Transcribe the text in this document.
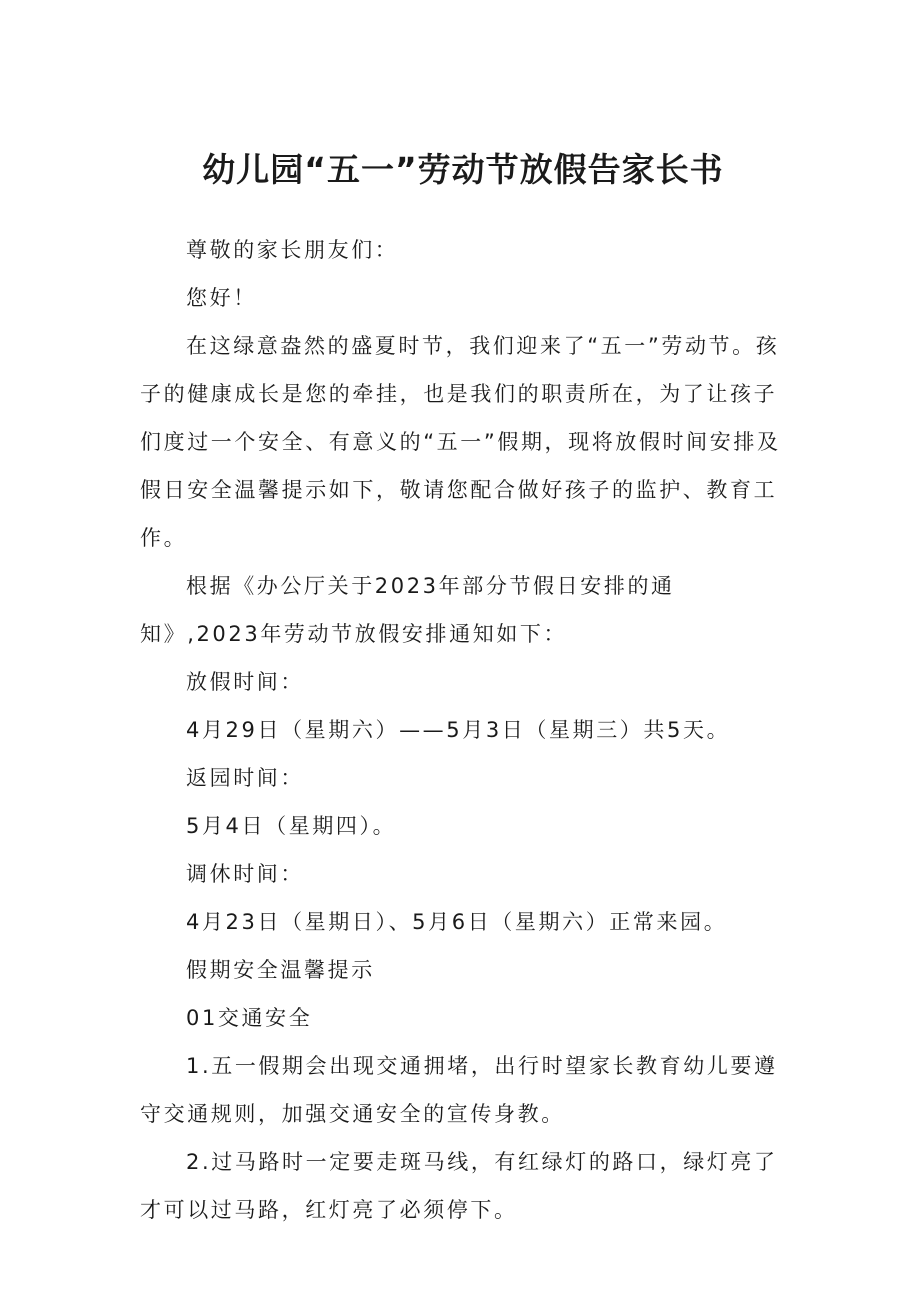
幼儿园“五一”劳动节放假告家长书

尊敬的家长朋友们：

您好！

在这绿意盎然的盛夏时节，我们迎来了“五一”劳动节。孩子的健康成长是您的牵挂，也是我们的职责所在，为了让孩子们度过一个安全、有意义的“五一”假期，现将放假时间安排及假日安全温馨提示如下，敬请您配合做好孩子的监护、教育工作。

根据《办公厅关于2023年部分节假日安排的通知》,2023年劳动节放假安排通知如下：

放假时间：

4月29日（星期六）——5月3日（星期三）共5天。

返园时间：

5月4日（星期四）。

调休时间：

4月23日（星期日）、5月6日（星期六）正常来园。

假期安全温馨提示

01交通安全

1.五一假期会出现交通拥堵，出行时望家长教育幼儿要遵守交通规则，加强交通安全的宣传身教。

2.过马路时一定要走斑马线，有红绿灯的路口，绿灯亮了才可以过马路，红灯亮了必须停下。
